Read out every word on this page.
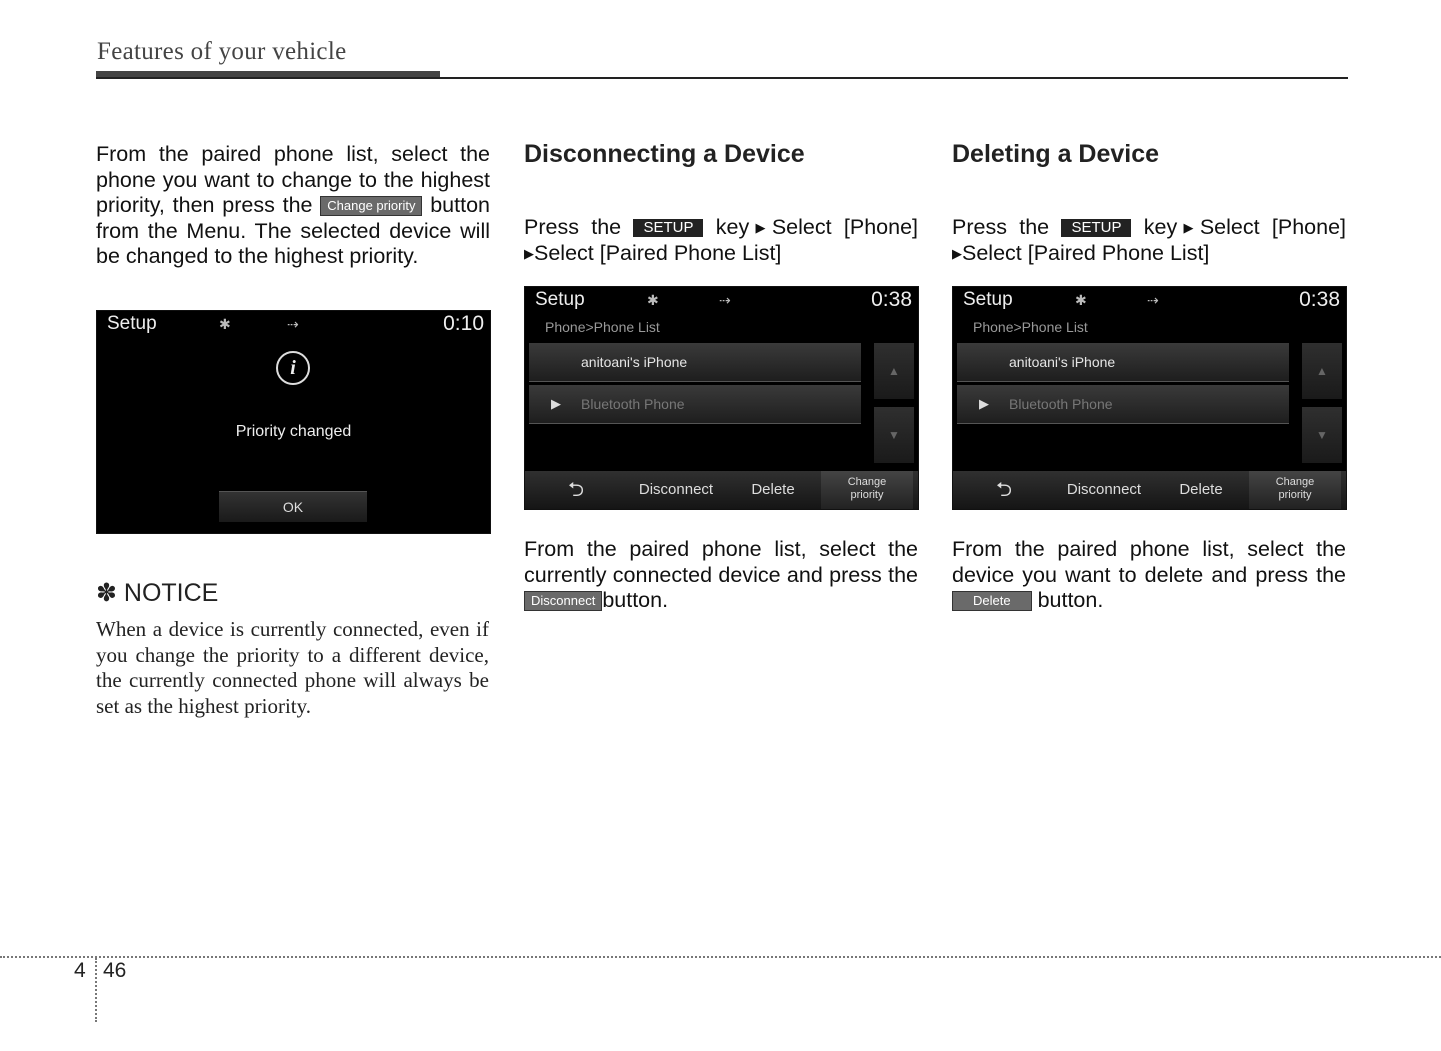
Features of your vehicle

From the paired phone list, select the phone you want to change to the highest priority, then press the Change priority button from the Menu. The selected device will be changed to the highest priority.

Setup	✱	⇢	0:10
i
Priority changed
OK
✽ NOTICE
When a device is currently connected, even if you change the priority to a different device, the currently connected phone will always be set as the highest priority.

Disconnecting a Device

Press the SETUP key▶Select [Phone]

▶Select [Paired Phone List]

Setup	✱	⇢	0:38
Phone>Phone List
anitoani's iPhone
▶ Bluetooth Phone
▲
▼
⮌	Disconnect	Delete	Change
priority

From the paired phone list, select the currently connected device and press the Disconnect button.

Deleting a Device

Press the SETUP key▶Select [Phone]

▶Select [Paired Phone List]

Setup	✱	⇢	0:38
Phone>Phone List
anitoani's iPhone
▶ Bluetooth Phone
▲
▼
⮌	Disconnect	Delete	Change
priority

From the paired phone list, select the device you want to delete and press the Delete button.

4 46
